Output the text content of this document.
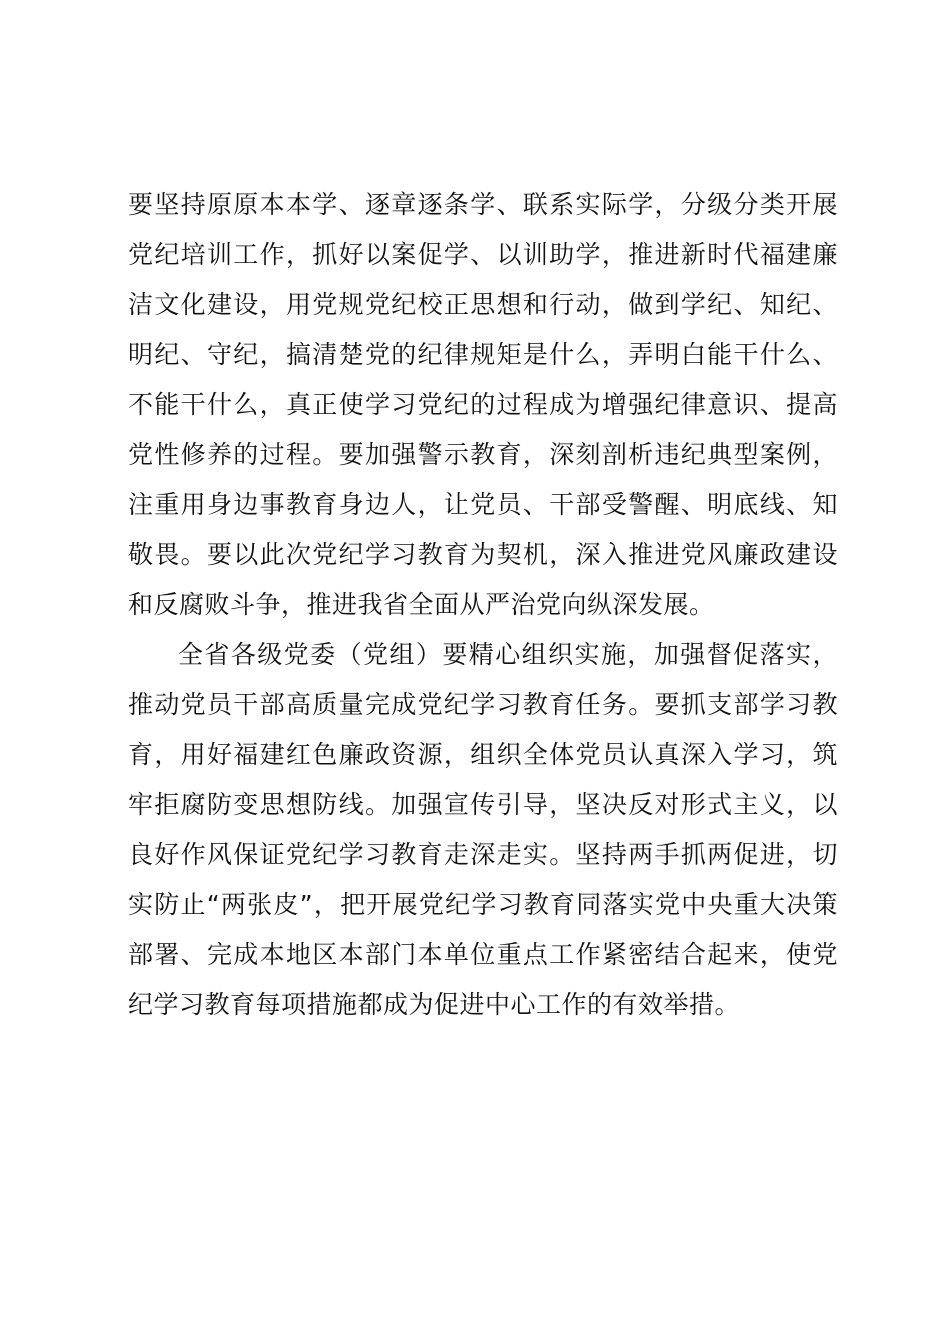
要坚持原原本本学、逐章逐条学、联系实际学，分级分类开展
党纪培训工作，抓好以案促学、以训助学，推进新时代福建廉
洁文化建设，用党规党纪校正思想和行动，做到学纪、知纪、
明纪、守纪，搞清楚党的纪律规矩是什么，弄明白能干什么、
不能干什么，真正使学习党纪的过程成为增强纪律意识、提高
党性修养的过程。要加强警示教育，深刻剖析违纪典型案例，
注重用身边事教育身边人，让党员、干部受警醒、明底线、知
敬畏。要以此次党纪学习教育为契机，深入推进党风廉政建设
和反腐败斗争，推进我省全面从严治党向纵深发展。
全省各级党委（党组）要精心组织实施，加强督促落实，
推动党员干部高质量完成党纪学习教育任务。要抓支部学习教
育，用好福建红色廉政资源，组织全体党员认真深入学习，筑
牢拒腐防变思想防线。加强宣传引导，坚决反对形式主义，以
良好作风保证党纪学习教育走深走实。坚持两手抓两促进，切
实防止“两张皮”，把开展党纪学习教育同落实党中央重大决策
部署、完成本地区本部门本单位重点工作紧密结合起来，使党
纪学习教育每项措施都成为促进中心工作的有效举措。
